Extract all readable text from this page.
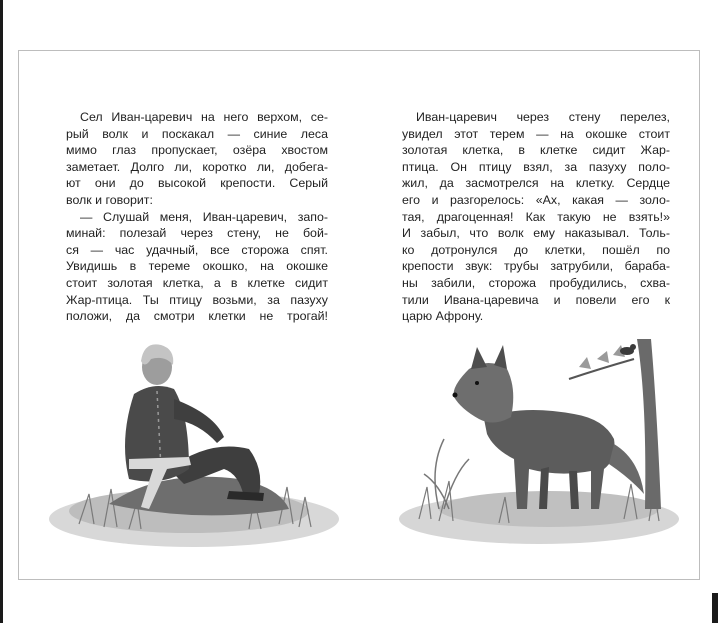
Сел Иван-царевич на него верхом, се-
рый волк и поскакал — синие леса
мимо глаз пропускает, озёра хвостом
заметает. Долго ли, коротко ли, добега-
ют они до высокой крепости. Серый
волк и говорит:
— Слушай меня, Иван-царевич, запо-
минай: полезай через стену, не бой-
ся — час удачный, все сторожа спят.
Увидишь в тереме окошко, на окошке
стоит золотая клетка, а в клетке сидит
Жар-птица. Ты птицу возьми, за пазуху
положи, да смотри клетки не трогай!
Иван-царевич через стену перелез,
увидел этот терем — на окошке стоит
золотая клетка, в клетке сидит Жар-
птица. Он птицу взял, за пазуху поло-
жил, да засмотрелся на клетку. Сердце
его и разгорелось: «Ах, какая — золо-
тая, драгоценная! Как такую не взять!»
И забыл, что волк ему наказывал. Толь-
ко дотронулся до клетки, пошёл по
крепости звук: трубы затрубили, бараба-
ны забили, сторожа пробудились, схва-
тили Ивана-царевича и повели его к
царю Афрону.
